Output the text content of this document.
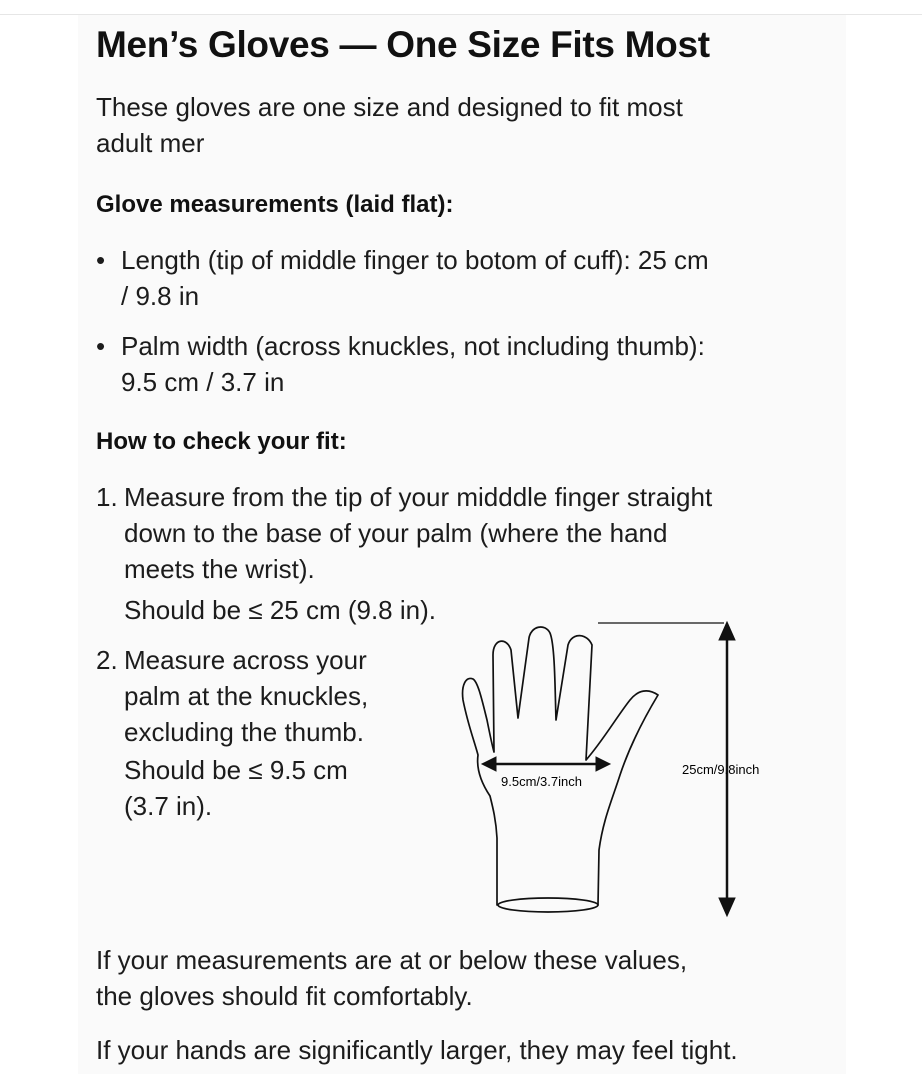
Men’s Gloves — One Size Fits Most
These gloves are one size and designed to fit most
adult mer
Glove measurements (laid flat):
• Length (tip of middle finger to botom of cuff): 25 cm
/ 9.8 in
• Palm width (across knuckles, not including thumb):
9.5 cm / 3.7 in
How to check your fit:
1. Measure from the tip of your midddle finger straight
down to the base of your palm (where the hand
meets the wrist).
Should be ≤ 25 cm (9.8 in).
2. Measure across your
palm at the knuckles,
excluding the thumb.
Should be ≤ 9.5 cm
(3.7 in).
9.5cm/3.7inch
25cm/9.8inch
If your measurements are at or below these values,
the gloves should fit comfortably.
If your hands are significantly larger, they may feel tight.
